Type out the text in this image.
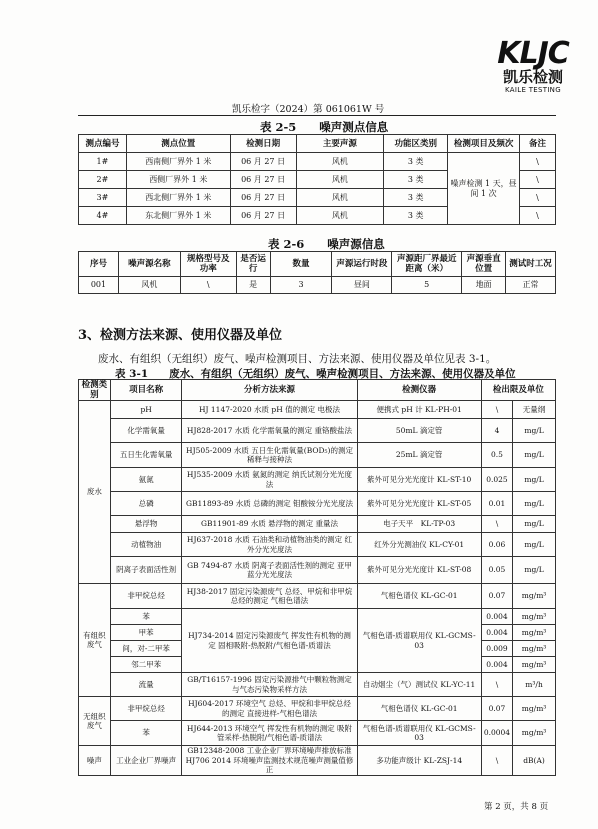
KLJC
凯乐检测
KAILE TESTING
凯乐检字（2024）第 061061W 号
表 2-5　　噪声测点信息
测点编号	测点位置	检测日期	主要声源	功能区类别	检测项目及频次	备注
1#	西南侧厂界外 1 米	06 月 27 日	风机	3 类	噪声检测 1 天，昼间 1 次	\
2#	西侧厂界外 1 米	06 月 27 日	风机	3 类		\
3#	西北侧厂界外 1 米	06 月 27 日	风机	3 类		\
4#	东北侧厂界外 1 米	06 月 27 日	风机	3 类		\
表 2-6　　噪声源信息
序号	噪声源名称	规格型号及功率	是否运行	数量	声源运行时段	声源距厂界最近距离（米）	声源垂直位置	测试时工况
001	风机	\	是	3	昼间	5	地面	正常
3、检测方法来源、使用仪器及单位
废水、有组织（无组织）废气、噪声检测项目、方法来源、使用仪器及单位见表 3-1。
表 3-1　　废水、有组织（无组织）废气、噪声检测项目、方法来源、使用仪器及单位
检测类别	项目名称	分析方法来源	检测仪器	检出限及单位	
废水	pH	HJ 1147-2020 水质 pH 值的测定 电极法	便携式 pH 计 KL-PH-01	\	无量纲
	化学需氧量	HJ828-2017 水质 化学需氧量的测定 重铬酸盐法	50mL 滴定管	4	mg/L
	五日生化需氧量	HJ505-2009 水质 五日生化需氧量(BOD₅)的测定 稀释与接种法	25mL 滴定管	0.5	mg/L
	氨氮	HJ535-2009 水质 氨氮的测定 纳氏试剂分光光度法	紫外可见分光光度计 KL-ST-10	0.025	mg/L
	总磷	GB11893-89 水质 总磷的测定 钼酸铵分光光度法	紫外可见分光光度计 KL-ST-05	0.01	mg/L
	悬浮物	GB11901-89 水质 悬浮物的测定 重量法	电子天平　KL-TP-03	\	mg/L
	动植物油	HJ637-2018 水质 石油类和动植物油类的测定 红外分光光度法	红外分光测油仪 KL-CY-01	0.06	mg/L
	阴离子表面活性剂	GB 7494-87 水质 阴离子表面活性剂的测定 亚甲蓝分光光度法	紫外可见分光光度计 KL-ST-08	0.05	mg/L
有组织废气	非甲烷总烃	HJ38-2017 固定污染源废气 总烃、甲烷和非甲烷总烃的测定 气相色谱法	气相色谱仪 KL-GC-01	0.07	mg/m³
	苯	HJ734-2014 固定污染源废气 挥发性有机物的测定 固相吸附-热脱附/气相色谱-质谱法	气相色谱-质谱联用仪 KL-GCMS-03	0.004	mg/m³
	甲苯			0.004	mg/m³
	间，对-二甲苯			0.009	mg/m³
	邻二甲苯			0.004	mg/m³
	流量	GB/T16157-1996 固定污染源排气中颗粒物测定与气态污染物采样方法	自动烟尘（气）测试仪 KL-YC-11	\	m³/h
无组织废气	非甲烷总烃	HJ604-2017 环境空气 总烃、甲烷和非甲烷总烃的测定 直接进样-气相色谱法	气相色谱仪 KL-GC-01	0.07	mg/m³
	苯	HJ644-2013 环境空气 挥发性有机物的测定 吸附管采样-热脱附/气相色谱-质谱法	气相色谱-质谱联用仪 KL-GCMS-03	0.0004	mg/m³
噪声	工业企业厂界噪声	GB12348-2008 工业企业厂界环境噪声排放标准 HJ706 2014 环境噪声监测技术规范噪声测量值修正	多功能声级计 KL-ZSJ-14	\	dB(A)
第 2 页，共 8 页
